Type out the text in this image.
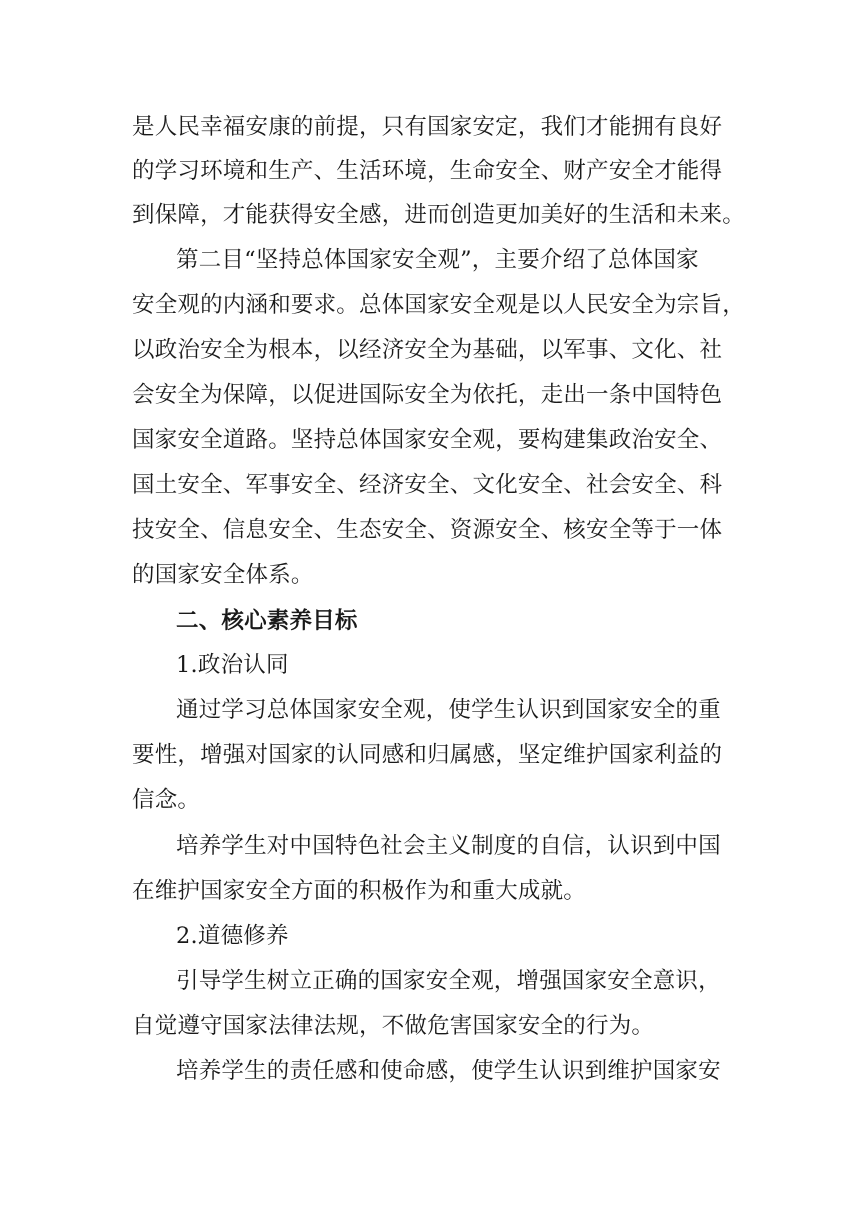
是人民幸福安康的前提，只有国家安定，我们才能拥有良好
的学习环境和生产、生活环境，生命安全、财产安全才能得
到保障，才能获得安全感，进而创造更加美好的生活和未来。
第二目“坚持总体国家安全观”，主要介绍了总体国家
安全观的内涵和要求。总体国家安全观是以人民安全为宗旨，
以政治安全为根本，以经济安全为基础，以军事、文化、社
会安全为保障，以促进国际安全为依托，走出一条中国特色
国家安全道路。坚持总体国家安全观，要构建集政治安全、
国土安全、军事安全、经济安全、文化安全、社会安全、科
技安全、信息安全、生态安全、资源安全、核安全等于一体
的国家安全体系。
二、核心素养目标
1.政治认同
通过学习总体国家安全观，使学生认识到国家安全的重
要性，增强对国家的认同感和归属感，坚定维护国家利益的
信念。
培养学生对中国特色社会主义制度的自信，认识到中国
在维护国家安全方面的积极作为和重大成就。
2.道德修养
引导学生树立正确的国家安全观，增强国家安全意识，
自觉遵守国家法律法规，不做危害国家安全的行为。
培养学生的责任感和使命感，使学生认识到维护国家安
